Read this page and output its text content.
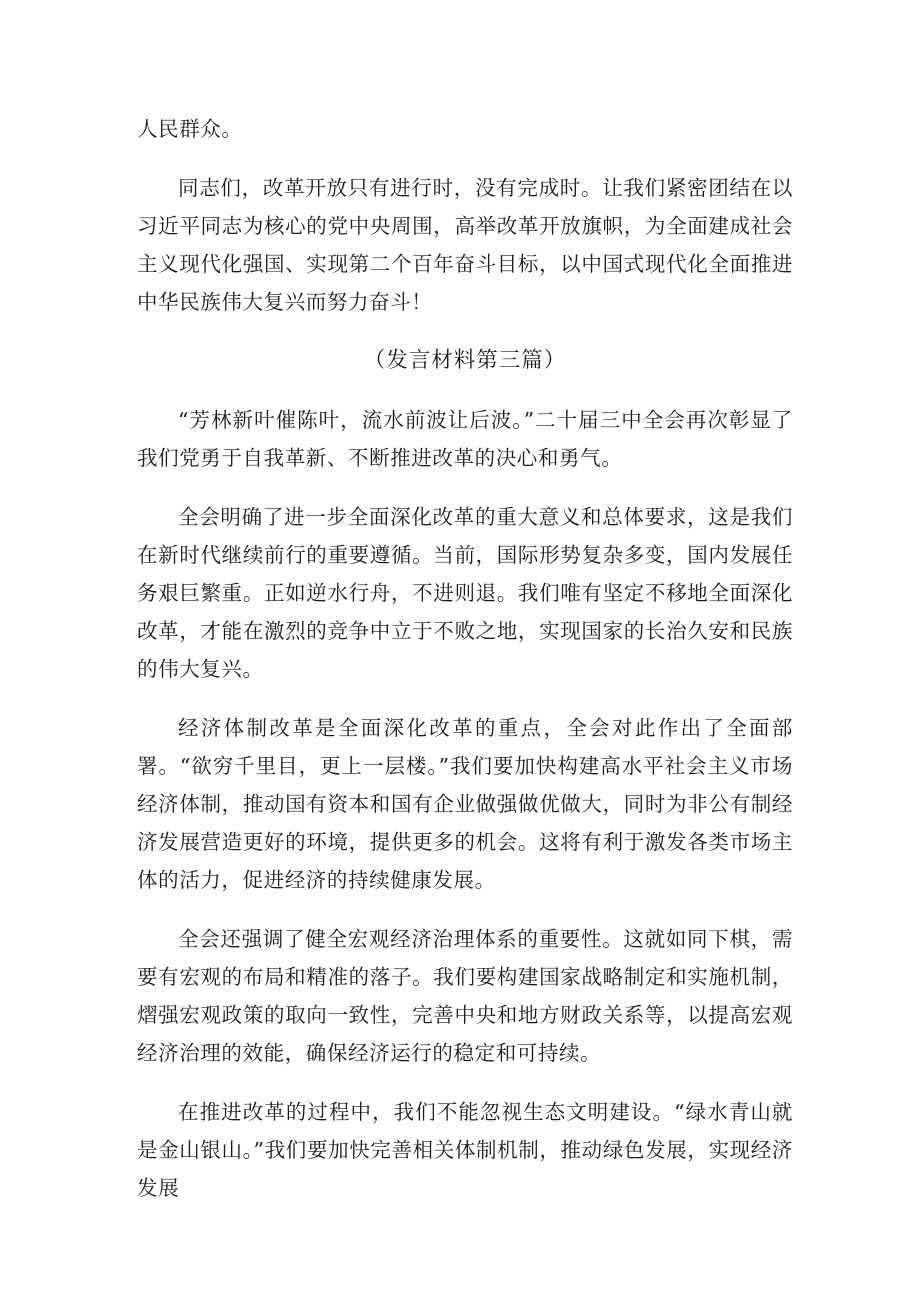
人民群众。

同志们，改革开放只有进行时，没有完成时。让我们紧密团结在以习近平同志为核心的党中央周围，高举改革开放旗帜，为全面建成社会主义现代化强国、实现第二个百年奋斗目标，以中国式现代化全面推进中华民族伟大复兴而努力奋斗！

（发言材料第三篇）

“芳林新叶催陈叶，流水前波让后波。”二十届三中全会再次彰显了我们党勇于自我革新、不断推进改革的决心和勇气。

全会明确了进一步全面深化改革的重大意义和总体要求，这是我们在新时代继续前行的重要遵循。当前，国际形势复杂多变，国内发展任务艰巨繁重。正如逆水行舟，不进则退。我们唯有坚定不移地全面深化改革，才能在激烈的竞争中立于不败之地，实现国家的长治久安和民族的伟大复兴。

经济体制改革是全面深化改革的重点，全会对此作出了全面部署。“欲穷千里目，更上一层楼。”我们要加快构建高水平社会主义市场经济体制，推动国有资本和国有企业做强做优做大，同时为非公有制经济发展营造更好的环境，提供更多的机会。这将有利于激发各类市场主体的活力，促进经济的持续健康发展。

全会还强调了健全宏观经济治理体系的重要性。这就如同下棋，需要有宏观的布局和精准的落子。我们要构建国家战略制定和实施机制，熠强宏观政策的取向一致性，完善中央和地方财政关系等，以提高宏观经济治理的效能，确保经济运行的稳定和可持续。

在推进改革的过程中，我们不能忽视生态文明建设。“绿水青山就是金山银山。”我们要加快完善相关体制机制，推动绿色发展，实现经济发展
